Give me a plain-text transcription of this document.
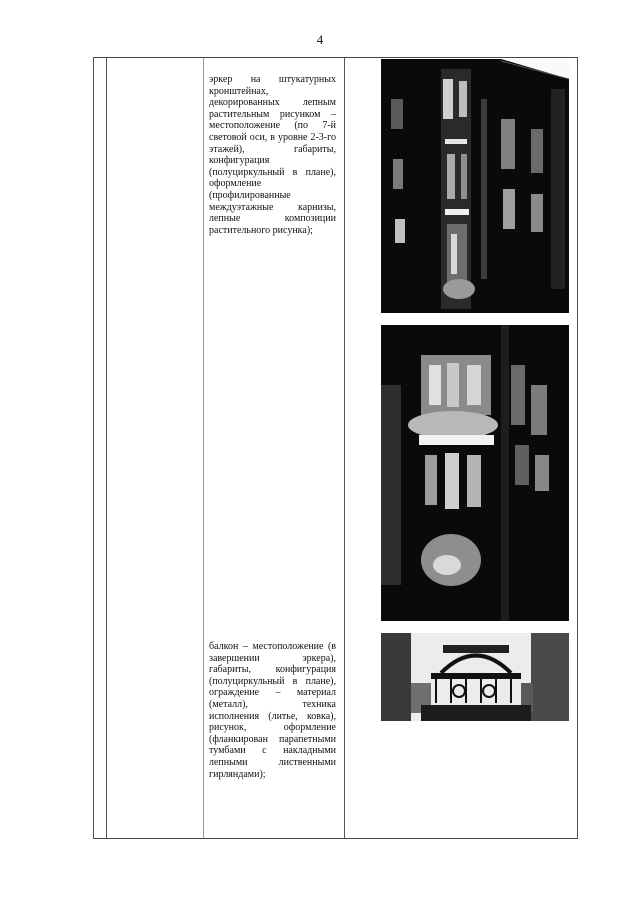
4
эркер на штукатурных кронштейнах, декорированных лепным растительным рисунком – местоположение (по 7-й световой оси, в уровне 2-3-го этажей), габариты, конфигурация (полуциркульный в плане), оформление (профилированные междуэтажные карнизы, лепные композиции растительного рисунка);
балкон – местоположение (в завершении эркера), габариты, конфигурация (полуциркульный в плане), ограждение – материал (металл), техника исполнения (литье, ковка), рисунок, оформление (фланкирован парапетными тумбами с накладными лепными лиственными гирляндами);
